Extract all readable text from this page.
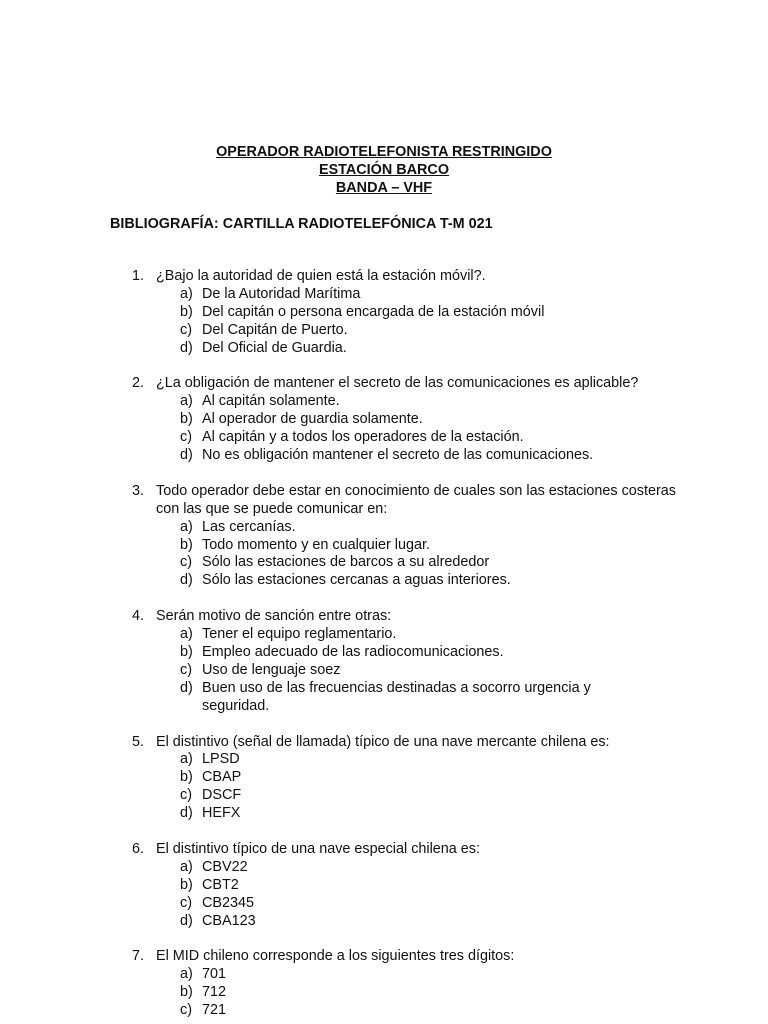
OPERADOR RADIOTELEFONISTA RESTRINGIDO
ESTACIÓN BARCO
BANDA – VHF
BIBLIOGRAFÍA: CARTILLA RADIOTELEFÓNICA T-M 021
1. ¿Bajo la autoridad de quien está la estación móvil?.
a) De la Autoridad Marítima
b) Del capitán o persona encargada de la estación móvil
c) Del Capitán de Puerto.
d) Del Oficial de Guardia.
2. ¿La obligación de mantener el secreto de las comunicaciones es aplicable?
a) Al capitán solamente.
b) Al operador de guardia solamente.
c) Al capitán y a todos los operadores de la estación.
d) No es obligación mantener el secreto de las comunicaciones.
3. Todo operador debe estar en conocimiento de cuales son las estaciones costeras con las que se puede comunicar en:
a) Las cercanías.
b) Todo momento y en cualquier lugar.
c) Sólo las estaciones de barcos a su alrededor
d) Sólo las estaciones cercanas a aguas interiores.
4. Serán motivo de sanción entre otras:
a) Tener el equipo reglamentario.
b) Empleo adecuado de las radiocomunicaciones.
c) Uso de lenguaje soez
d) Buen uso de las frecuencias destinadas a socorro urgencia y seguridad.
5. El distintivo (señal de llamada) típico de una nave mercante chilena es:
a) LPSD
b) CBAP
c) DSCF
d) HEFX
6. El distintivo típico de una nave especial chilena es:
a) CBV22
b) CBT2
c) CB2345
d) CBA123
7. El MID chileno corresponde a los siguientes tres dígitos:
a) 701
b) 712
c) 721
